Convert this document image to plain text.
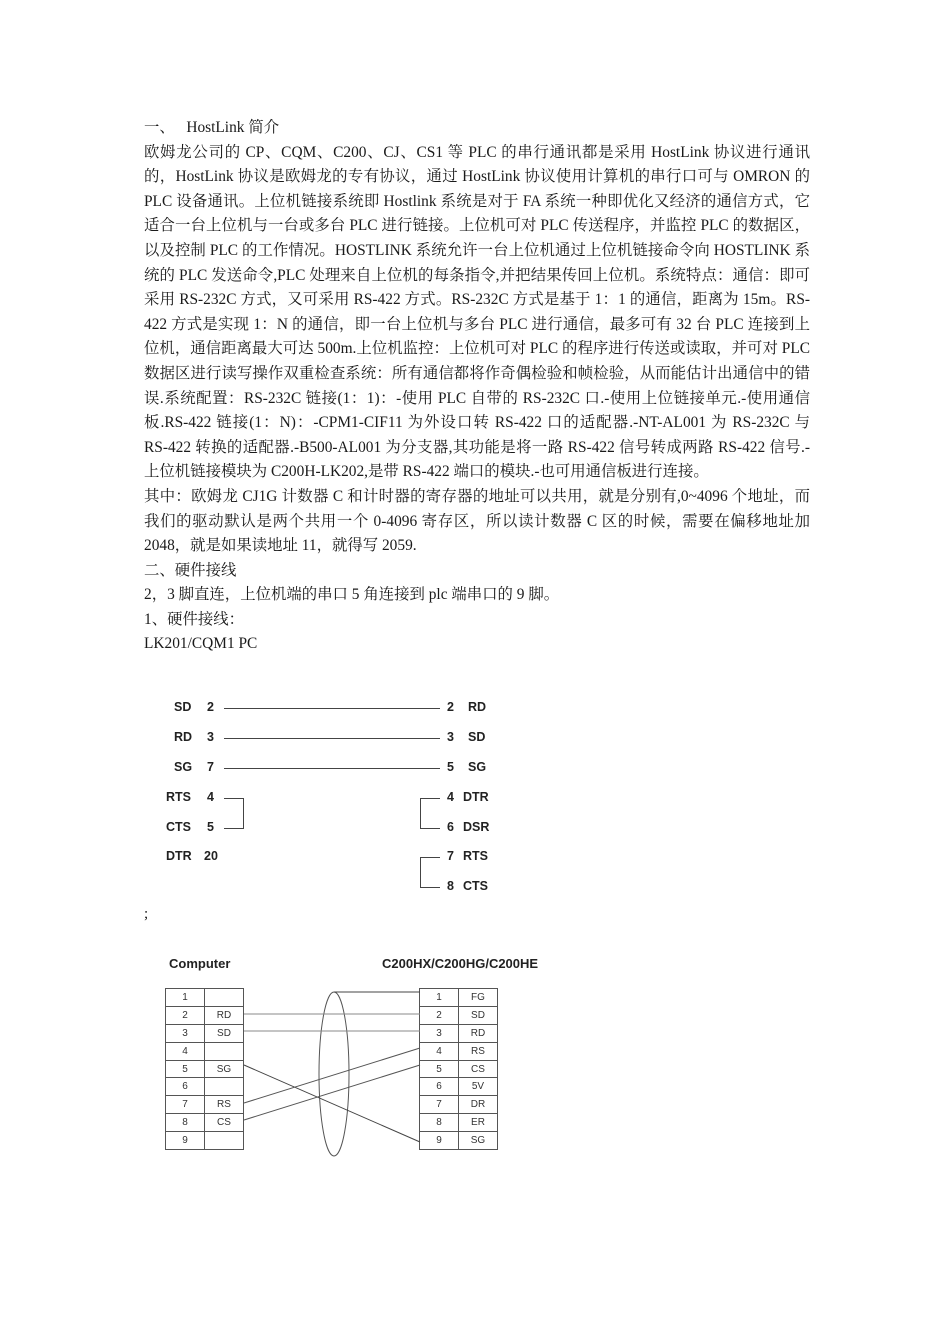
一、   HostLink 简介

欧姆龙公司的 CP、CQM、C200、CJ、CS1 等 PLC 的串行通讯都是采用 HostLink 协议进行通讯的，HostLink 协议是欧姆龙的专有协议，通过 HostLink 协议使用计算机的串行口可与 OMRON 的 PLC 设备通讯。上位机链接系统即 Hostlink 系统是对于 FA 系统一种即优化又经济的通信方式，它适合一台上位机与一台或多台 PLC 进行链接。上位机可对 PLC 传送程序，并监控 PLC 的数据区，以及控制 PLC 的工作情况。HOSTLINK 系统允许一台上位机通过上位机链接命令向 HOSTLINK 系统的 PLC 发送命令,PLC 处理来自上位机的每条指令,并把结果传回上位机。系统特点：通信：即可采用 RS-232C 方式，又可采用 RS-422 方式。RS-232C 方式是基于 1：1 的通信，距离为 15m。RS-422 方式是实现 1：N 的通信，即一台上位机与多台 PLC 进行通信，最多可有 32 台 PLC 连接到上位机，通信距离最大可达 500m.上位机监控：上位机可对 PLC 的程序进行传送或读取，并可对 PLC 数据区进行读写操作双重检查系统：所有通信都将作奇偶检验和帧检验，从而能估计出通信中的错误.系统配置：RS-232C 链接(1：1)：-使用 PLC 自带的 RS-232C 口.-使用上位链接单元.-使用通信板.RS-422 链接(1：N)：-CPM1-CIF11 为外设口转 RS-422 口的适配器.-NT-AL001 为 RS-232C 与 RS-422 转换的适配器.-B500-AL001 为分支器,其功能是将一路 RS-422 信号转成两路 RS-422 信号.-上位机链接模块为 C200H-LK202,是带 RS-422 端口的模块.-也可用通信板进行连接。

其中：欧姆龙 CJ1G 计数器 C 和计时器的寄存器的地址可以共用，就是分别有,0~4096 个地址，而我们的驱动默认是两个共用一个 0-4096 寄存区，所以读计数器 C 区的时候，需要在偏移地址加 2048，就是如果读地址 11，就得写 2059.

二、硬件接线

2，3 脚直连，上位机端的串口 5 角连接到 plc 端串口的 9 脚。

1、硬件接线：

LK201/CQM1 PC

SD 2
RD 3
SG 7
RTS 4
CTS 5
DTR 20
2 RD
3 SD
5 SG
4 DTR
6 DSR
7 RTS
8 CTS
;
Computer	C200HX/C200HG/C200HE
1	
2	RD
3	SD
4	
5	SG
6	
7	RS
8	CS
9	
1	FG
2	SD
3	RD
4	RS
5	CS
6	5V
7	DR
8	ER
9	SG
